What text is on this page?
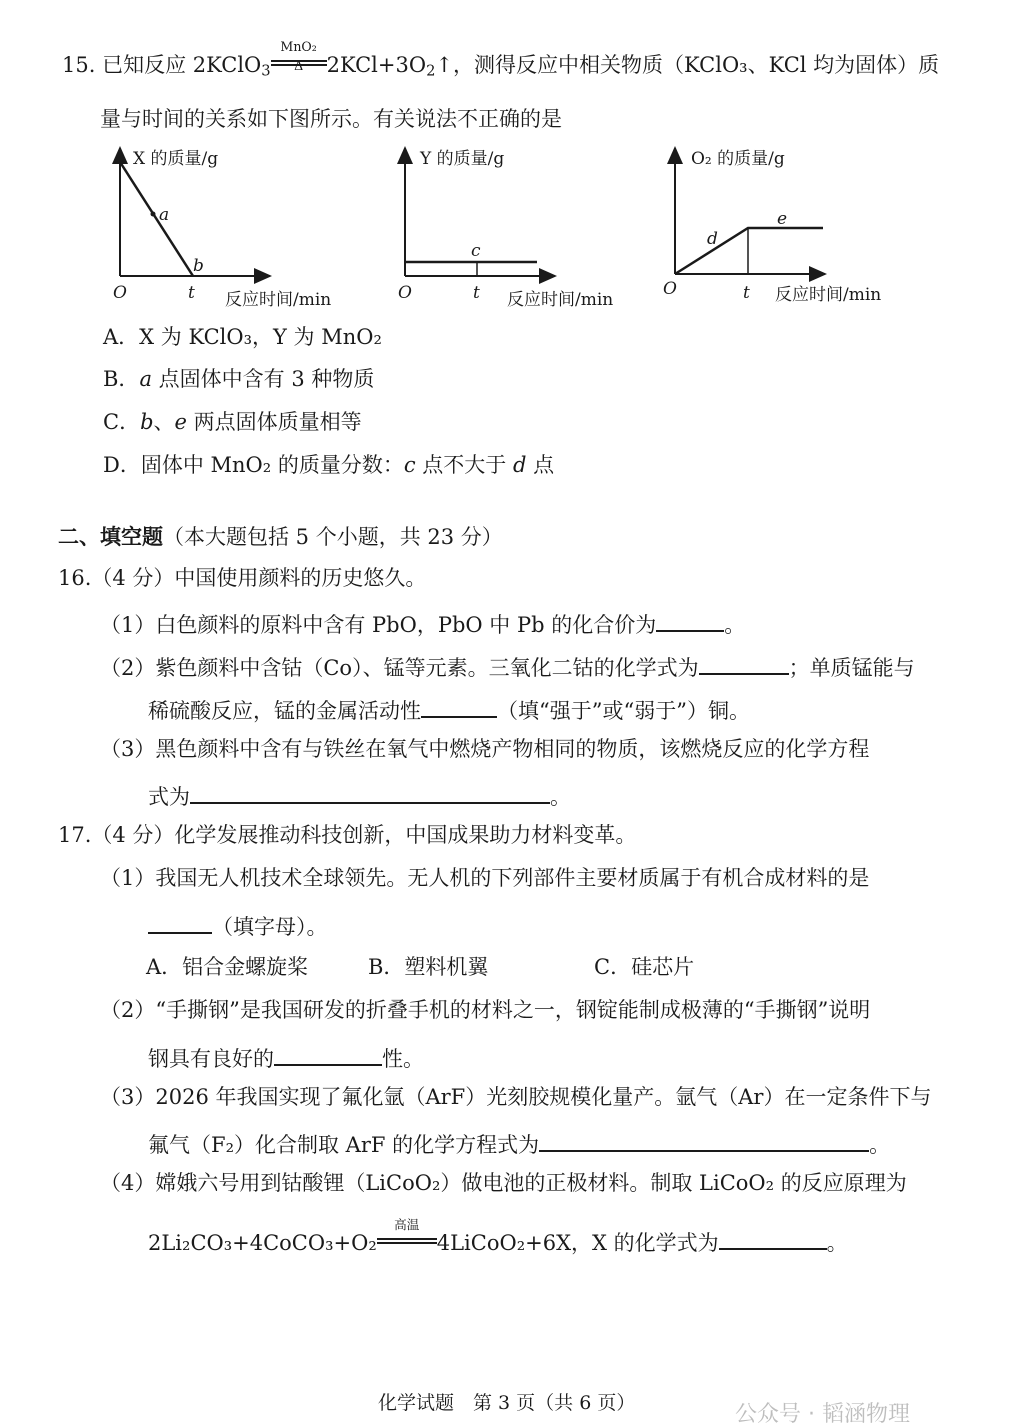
15. 已知反应 2KClO$_3$
MnO₂
Δ	$2KCl+3O_2↑$，测得反应中相关物质（KClO₃、KCl 均为固体）质
量与时间的关系如下图所示。有关说法不正确的是
X 的质量/g
O	t 反应时间/min
a
b
Y 的质量/g
O	t 反应时间/min
c
O₂ 的质量/g
O	t 反应时间/min
d
e
A．X 为 KClO₃，Y 为 MnO₂
B．a 点固体中含有 3 种物质
C．b、e 两点固体质量相等
D．固体中 MnO₂ 的质量分数：c 点不大于 d 点
二、填空题（本大题包括 5 个小题，共 23 分）
16.（4 分）中国使用颜料的历史悠久。
（1）白色颜料的原料中含有 PbO，PbO 中 Pb 的化合价为	。
（2）紫色颜料中含钴（Co）、锰等元素。三氧化二钴的化学式为	；单质锰能与
稀硫酸反应，锰的金属活动性	（填“强于”或“弱于”）铜。
（3）黑色颜料中含有与铁丝在氧气中燃烧产物相同的物质，该燃烧反应的化学方程
式为	。
17.（4 分）化学发展推动科技创新，中国成果助力材料变革。
（1）我国无人机技术全球领先。无人机的下列部件主要材质属于有机合成材料的是
（填字母）。
A．铝合金螺旋桨	B．塑料机翼	C．硅芯片
（2）“手撕钢”是我国研发的折叠手机的材料之一，钢锭能制成极薄的“手撕钢”说明
钢具有良好的	性。
（3）2026 年我国实现了氟化氩（ArF）光刻胶规模化量产。氩气（Ar）在一定条件下与
氟气（F₂）化合制取 ArF 的化学方程式为	。
（4）嫦娥六号用到钴酸锂（LiCoO₂）做电池的正极材料。制取 LiCoO₂ 的反应原理为
2Li₂CO₃+4CoCO₃+O₂
高温
4LiCoO₂+6X，X 的化学式为	。
化学试题　第 3 页（共 6 页）	公众号 · 韬涵物理
